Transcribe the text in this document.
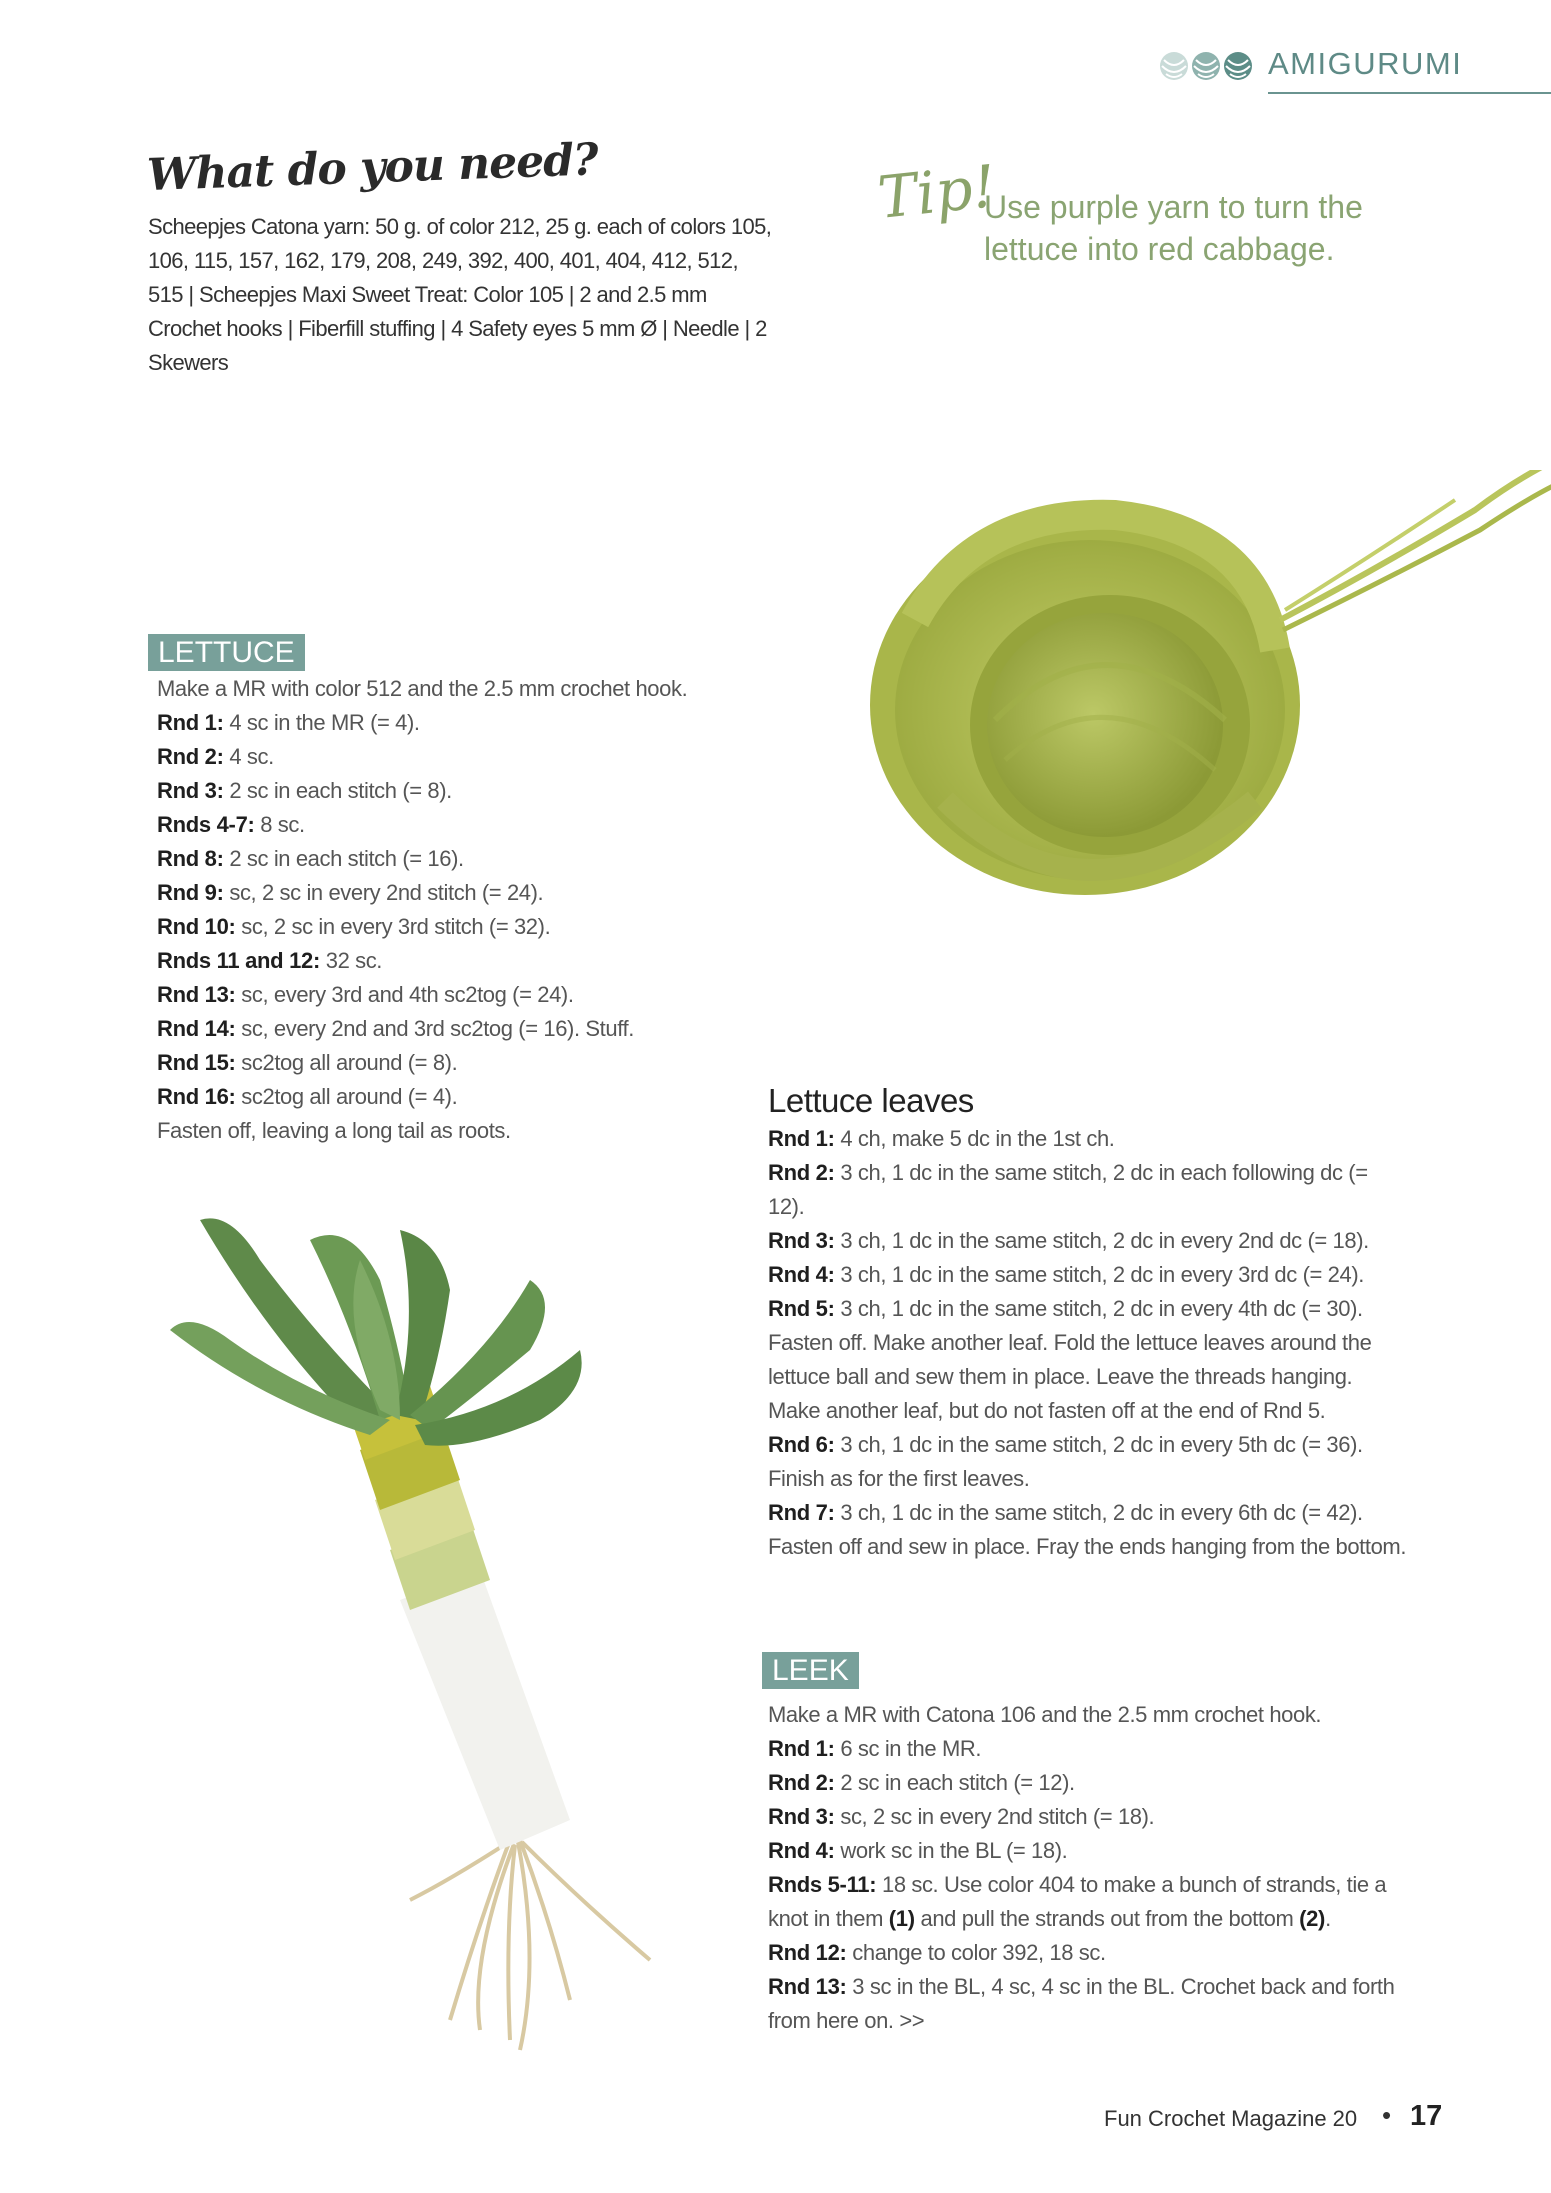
AMIGURUMI
What do you need?
Scheepjes Catona yarn: 50 g. of color 212, 25 g. each of colors 105, 106, 115, 157, 162, 179, 208, 249, 392, 400, 401, 404, 412, 512, 515 | Scheepjes Maxi Sweet Treat: Color 105 | 2 and 2.5 mm Crochet hooks | Fiberfill stuffing | 4 Safety eyes 5 mm Ø | Needle | 2 Skewers
Tip!
Use purple yarn to turn the lettuce into red cabbage.
LETTUCE
Make a MR with color 512 and the 2.5 mm crochet hook.
Rnd 1: 4 sc in the MR (= 4).
Rnd 2: 4 sc.
Rnd 3: 2 sc in each stitch (= 8).
Rnds 4-7: 8 sc.
Rnd 8: 2 sc in each stitch (= 16).
Rnd 9: sc, 2 sc in every 2nd stitch (= 24).
Rnd 10: sc, 2 sc in every 3rd stitch (= 32).
Rnds 11 and 12: 32 sc.
Rnd 13: sc, every 3rd and 4th sc2tog (= 24).
Rnd 14: sc, every 2nd and 3rd sc2tog (= 16). Stuff.
Rnd 15: sc2tog all around (= 8).
Rnd 16: sc2tog all around (= 4).
Fasten off, leaving a long tail as roots.
Lettuce leaves
Rnd 1: 4 ch, make 5 dc in the 1st ch.
Rnd 2: 3 ch, 1 dc in the same stitch, 2 dc in each following dc (= 12).
Rnd 3: 3 ch, 1 dc in the same stitch, 2 dc in every 2nd dc (= 18).
Rnd 4: 3 ch, 1 dc in the same stitch, 2 dc in every 3rd dc (= 24).
Rnd 5: 3 ch, 1 dc in the same stitch, 2 dc in every 4th dc (= 30).
Fasten off. Make another leaf. Fold the lettuce leaves around the lettuce ball and sew them in place. Leave the threads hanging. Make another leaf, but do not fasten off at the end of Rnd 5.
Rnd 6: 3 ch, 1 dc in the same stitch, 2 dc in every 5th dc (= 36).
Finish as for the first leaves.
Rnd 7: 3 ch, 1 dc in the same stitch, 2 dc in every 6th dc (= 42).
Fasten off and sew in place. Fray the ends hanging from the bottom.
LEEK
Make a MR with Catona 106 and the 2.5 mm crochet hook.
Rnd 1: 6 sc in the MR.
Rnd 2: 2 sc in each stitch (= 12).
Rnd 3: sc, 2 sc in every 2nd stitch (= 18).
Rnd 4: work sc in the BL (= 18).
Rnds 5-11: 18 sc. Use color 404 to make a bunch of strands, tie a knot in them (1) and pull the strands out from the bottom (2).
Rnd 12: change to color 392, 18 sc.
Rnd 13: 3 sc in the BL, 4 sc, 4 sc in the BL. Crochet back and forth from here on. >>
Fun Crochet Magazine 20 • 17
